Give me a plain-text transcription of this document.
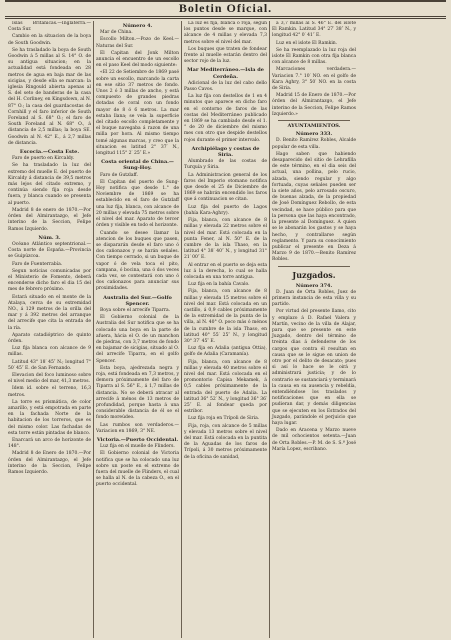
Boletin Oficial.
Islas Británicas.—Inglaterra.—Costa Sur.
Cambio en la situacion de la boya de South Goodwin.
Se ha trasladado la boya de South Goodwin á 5 millas al S. 14° O. de su antigua situacion; en la actualidad está fondeada en 28 metros de agua en baja mar de las sicigias, y desde ella se marcan: la iglesia Ringould abierta apenas al S. del seto de banderas de la casa del H. Corliney, en Kingsdown, al N. 87° O.; la casa del guardacostas de Cornhill y el faro inferior de South Foreland al S. 68° O.; el faro de South Foreland al N. 68° O., á distancia de 2,5 millas; la boya SE. Goodwin al N. 42° E., á 2,7 millas de distancia.
Escocia.—Costa Este.
Faro de puerto en Kircaldy.
Se ha trasladado la luz del extremo del muelle E. del puerto de Kircaldy á distancia de 39,5 metros más lejos del citado extremo, y continúa siendo fija roja desde fuera, y blanca cuando se presenta al puerto.
Madrid 8 de enero de 1870.—Por órden del Almirantazgo, el Jefe interino de la Seccion, Felipe Ramos Izquierdo.
Núm. 3.
Océano Atlántico septentrional.—Costa norte de España.—Provincia se Guipúzcoa.
Faro de Fuenterrabía.
Segun noticias comunicadas por el Ministerio de Fomento, deberá encenderse dicho faro el dia 15 del mes de febrero próximo.
Estará situado en el monte de la Atalaya, cerca de su extremidad NO., á 129 metros de la orilla del mar y á 392 metros del arranque del arrecife que cita la entrada de la ría.
Aparato catadióptrico de quinto órden.
Luz fija blanca con alcance de 9 millas.
Latitud 43° 18′ 45″ N.; longitud 7° 50′ 45″ E. de San Fernando.
Elevacion del foco luminoso sobre el nivel medio del mar, 41,3 metros.
Idem id. sobre el terreno, 16,3 metros.
La torre es prismática, de color amarillo, y está empotrada en parte en la fachada Norte de la habitacion de los torreros, que es del mismo color. Las fachadas de esta torre están pintadas de blanco.
Enarcará un arco de horizonte de 148°.
Madrid 8 de Enero de 1870.—Por órden del Almirantazgo, el Jefe interino de la Seccion, Felipe Ramos Izquierdo.
Número 4.
Mar de China.
Escollo Milton.—Pozo de Keel.—Naturas del Sur.
El Capitan del Jonk Milton anuncia el encuentro de un escollo en el paso Keel del modo siguiente:
«El 22 de Setiembre de 1869 pasé sobre un escollo, marcando la carta en ese sitio 37 metros de fondo. Unos 2 ó 3 millas de ancho, y está compuesto de grandes piedras dotadas de coral con un fondo mayor de 8 ó 6 metros. La mar estaba llana; se veía la superficie del citado escollo completamente y el buque navegaba á razon de una milla por hora. Al mismo tiempo tomé algunas marcas, y creo que la situacion es latitud 2° 37′ N., longitud 115° 2′ 25″ E.»
Costa oriental de China.—Sung-Hoy.
Faro de Gutzlaff.
El Capitan del puerto de Sung-Hoy notifica que desde 1.° de Noviembre de 1869 se ha establecido en el faro de Gutzlaff una luz fija, blanca, con alcance de 20 millas y elevada 75 metros sobre el nivel del mar. Aparato de tercer órden y visible en todo el horizonte.
Cuando se desee llamar la atencion de los buques que pasen, se dispararán desde el faro uno ó dos cañonazos y se harán señales. Con tiempo cerrado, si un buque de vapor ó de vela toca el pito, campana, ó bocina, una ó dos veces cada vez, se contestará con uno ó dos cañonazos para anunciar sus proximidades.
Australia del Sur.—Golfo Spencer.
Boya sobre el arrecife Tiparra.
El Gobierno colonial de la Australia del Sur notifica que se ha colocado una boya en la parte de afuera, hácia el O. de un manchon de piedras, con 3,7 metros de fondo en bajamar de sicigias, situado al O. del arrecife Tiparra, en el golfo Spencer.
Esta boya, ajedrezada negra y roja, está fondeada en 7,3 metros, y demora próximamente del faro de Tiparra al S. 56° E., á 1,7 millas de distancia. No se deberá atracar al arrecife á ménos de 13 metros de profundidad, porque hasta á una considerable distancia de él se el fondo moreúdeo.
Las rumbos son verdaderos.—Variacion en 1869, 3° NE.
Victoria.—Puerto Occidental.
Luz fija en el muelle de Flinders.
El Gobierno colonial de Victoria notifica que se ha colocado una luz sobre un poste en el extremo de fuera del muelle de Flinders, el cual se halla al N. de la cabeza O., en el puerto occidental.
La luz es fija, blanca ó roja, segun los puntos desde se marque, con alcance de 4 millas y elevada 7,3 metros sobre el nivel del mar.
Los buques que traten de fondear frente al muelle estarán dentro del sector rojo de la luz.
Mar Mediterráneo.—Isla de Cerdeña.
Adicional de la luz del cabo dello Passo Cavos.
La luz fija con destellos de 1 en 4 minutos que aparece en dicho faro en el contorno de faros de las costas del Mediterráneo publicado en 1869 se ha cambiado desde el 1.° de 20 de diciembre del mismo mes con otro que despide destellos rojos durante el primer intervalo.
Archipiélago y costas de Siria.
Alumbrado de las costas de Turquía y Siria.
La Administracion general de los faros del Imperio otomano notifica que desde el 25 de Diciembre de 1869 se habrán encendido los faros que á continuacion se citan.
Luz fija del puerto de Lagos (bahía Kara-Aghry).
Fija, blanca, con alcance de 8 millas y elevada 22 metros sobre el nivel del mar. Está colocada en la punta Fener, al N. 50° E. de la cumbre de la isla Thaso, en la latitud 4° 38′ 40″ N., y longitud 31° 21′ 00″ E.
Al entrar en el puerto se deja esta luz á la derecha, lo cual se halla colocada en una torre antigua.
Luz fija en la bahía Cavalo.
Fija, blanca, con alcance de 8 millas y elevada 15 metros sobre el nivel del mar. Está colocada en un castillo, á 0,9 cables próximamente de la extremidad de la punta de la villa, al N. 40° O. poco más ó ménos de la cumbre de la isla Thaso, en latitud 40° 55′ 25″ N., y longitud 30° 37′ 45″ E.
Luz fija en Adalia (antigua Ottia), golfo de Adalia (Caramanía).
Fija, blanca, con alcance de 8 millas y elevada 40 metros sobre el nivel del mar. Está colocada en el promontorio Capisa Mekamek, á 0,5 cables próximamente de la entrada del puerto de Adalia. La latitud 36° 52′ N., y longitud 36° 36′ 25″ E. al fondear queda por estribor.
Luz fija roja en Trípoli de Siria.
Fija, roja, con alcance de 5 millas y elevada 13 metros sobre el nivel del mar. Está colocada en la puntita de la Aguadas de los faros de Trípoli, á 30 metros próximamente de la oficina de sanidad,
á 3,7 millas al S. 46° E. del islote El Ramkin. Latitud 34° 27′ 38″ N., y longitud 42° 0′ 41″ E.
Luz en el islote El Ramkin.
Se ha reemplazado la luz roja del islote El Ramkin con otra fija blanca con alcance de 8 millas.
Marcaciones verdadera.—Variacion 7.° 10′ NO. en el golfo de Kara Aghry, 3° 50′ NO. en la costa de Siria.
Madrid 15 de Enero de 1870.—Por órden del Almirantazgo, el Jefe interino de la Seccion, Felipe Ramos Izquierdo.»
AYUNTAMIENTOS.
Número 333.
D. Benito Ramírez Robles, Alcalde popular de esta villa.
Hago saber: que habiendo desaparecido del sitio de Lehrafilla de este término, en el dia seis del actual, una pollina, pelo rucio, alzada, siendo regular y algo fortuada, cuyas señales pueden ser la siete años, pelo arrosado oscuro, de buenas alzada, de la propiedad de José Domínguez Rebollo, de esta vecindad, se hace público para que la persona que las haya encontrado, la presente al Domínguez. A quien se le abonarán los gastos y se haya hecho, y contrallarse según reglamento. Y para su conocimiento publicar el presente en Deza á Marzo 9 de 1870.—Benito Ramírez Robles.
Juzgados.
Número 374.
D. Juan de Orta Robles, Juez de primera instancia de esta villa y su partido.
Por virtud del presente llamo, cito y emplazo á D. Rafael Valera y Martín, vecino de la villa de Alajar, para que se presente en este Juzgado, dentro del término de treinta dias á defenderse de los cargos que contra él resultan en causa que se le sigue en union de otro por el delito de desacato; pues si así lo hace se le oirá y administrará justicia; y de lo contrario se sustanciará y terminará la causa en su ausencia y rebeldía, entendiéndose los traslados y notificaciones que en ella se pudieran dar, y demás diligencias que se ejecuten en los Estrados del Juzgado, parándole el perjuicio que haya lugar.
Dado en Aracena y Marzo nueve de mil ochocientos setenta.—Juan de Orta Robles.—P. M. de S. S.ª José María Lopez, escribano.
